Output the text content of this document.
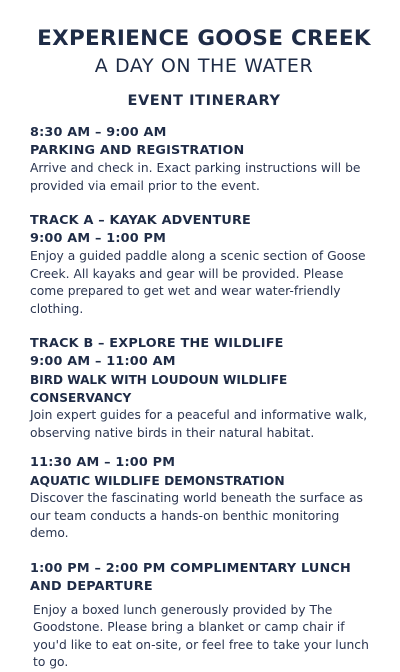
EXPERIENCE GOOSE CREEK
A DAY ON THE WATER
EVENT ITINERARY
8:30 AM – 9:00 AM
PARKING AND REGISTRATION
Arrive and check in. Exact parking instructions will be provided via email prior to the event.
TRACK A – KAYAK ADVENTURE
9:00 AM – 1:00 PM
Enjoy a guided paddle along a scenic section of Goose Creek. All kayaks and gear will be provided. Please come prepared to get wet and wear water-friendly clothing.
TRACK B – EXPLORE THE WILDLIFE
9:00 AM – 11:00 AM
BIRD WALK WITH LOUDOUN WILDLIFE CONSERVANCY
Join expert guides for a peaceful and informative walk, observing native birds in their natural habitat.
11:30 AM – 1:00 PM
AQUATIC WILDLIFE DEMONSTRATION
Discover the fascinating world beneath the surface as our team conducts a hands-on benthic monitoring demo.
1:00 PM – 2:00 PM COMPLIMENTARY LUNCH
AND DEPARTURE
Enjoy a boxed lunch generously provided by The Goodstone. Please bring a blanket or camp chair if you'd like to eat on-site, or feel free to take your lunch to go.
